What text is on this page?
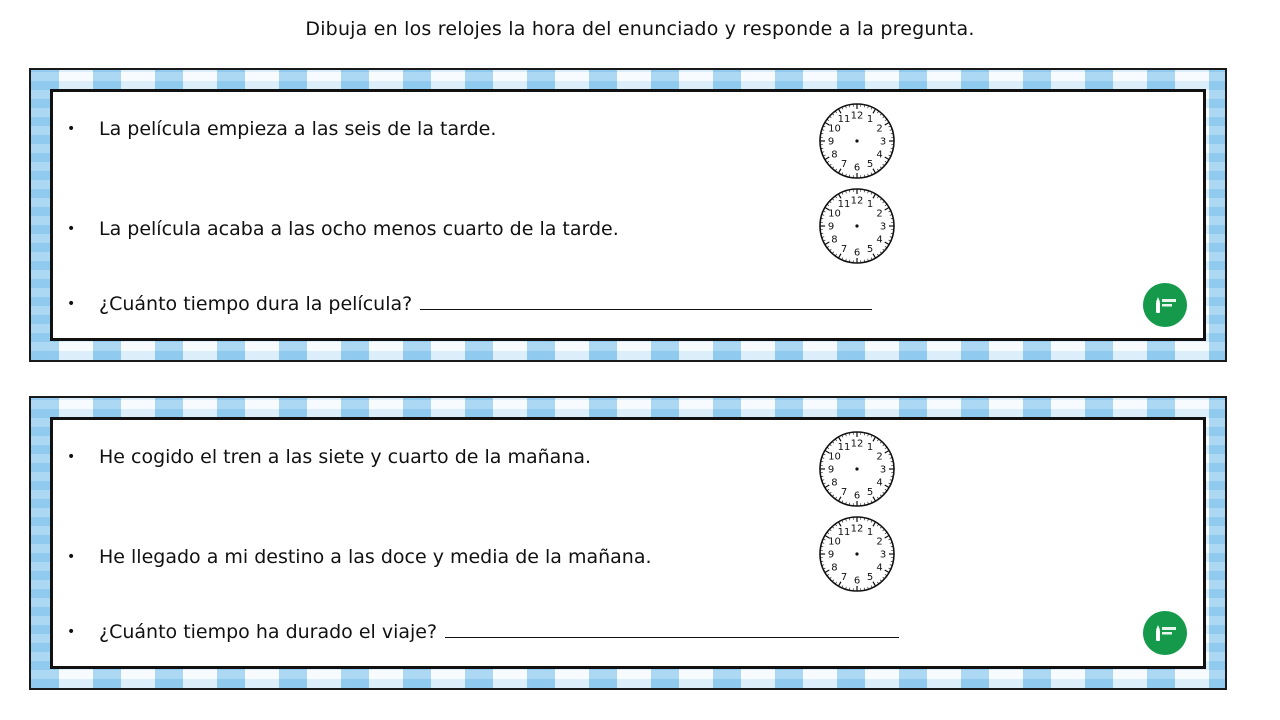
Dibuja en los relojes la hora del enunciado y responde a la pregunta.
•	La película empieza a las seis de la tarde.
•	La película acaba a las ocho menos cuarto de la tarde.
•	¿Cuánto tiempo dura la película?
12 1
2
3
4
5
6
7
8
9
10
11
12 1
2
3
4
5
6
7
8
9
10
11
•	He cogido el tren a las siete y cuarto de la mañana.
•	He llegado a mi destino a las doce y media de la mañana.
•	¿Cuánto tiempo ha durado el viaje?
12 1
2
3
4
5
6
7
8
9
10
11
12 1
2
3
4
5
6
7
8
9
10
11
